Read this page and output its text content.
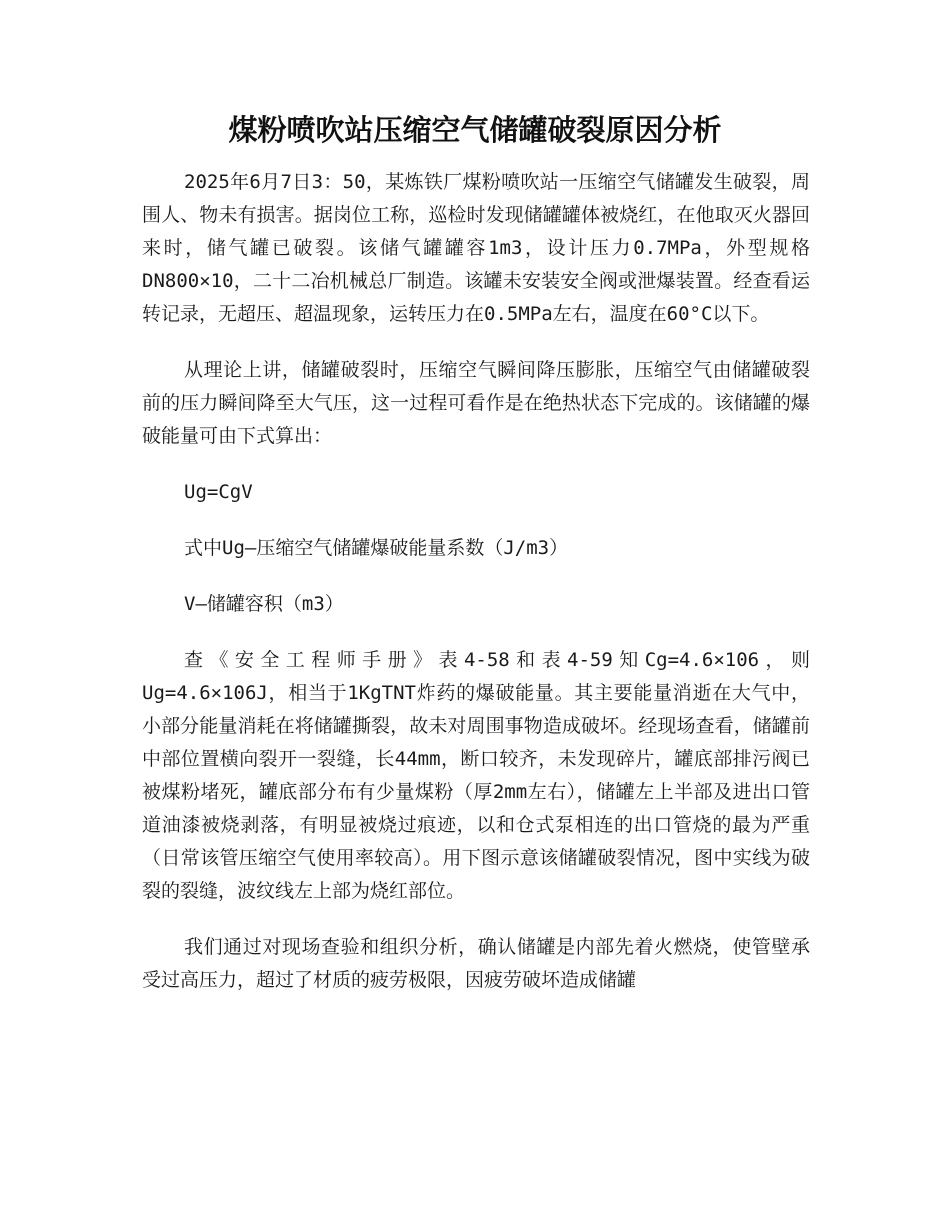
煤粉喷吹站压缩空气储罐破裂原因分析

2025年6月7日3：50，某炼铁厂煤粉喷吹站一压缩空气储罐发生破裂，周围人、物未有损害。据岗位工称，巡检时发现储罐罐体被烧红，在他取灭火器回来时，储气罐已破裂。该储气罐罐容1m3，设计压力0.7MPa，外型规格DN800×10，二十二冶机械总厂制造。该罐未安装安全阀或泄爆装置。经查看运转记录，无超压、超温现象，运转压力在0.5MPa左右，温度在60°C以下。

从理论上讲，储罐破裂时，压缩空气瞬间降压膨胀，压缩空气由储罐破裂前的压力瞬间降至大气压，这一过程可看作是在绝热状态下完成的。该储罐的爆破能量可由下式算出：

Ug=CgV

式中Ug—压缩空气储罐爆破能量系数（J/m3）

V—储罐容积（m3）

查《安全工程师手册》表4-58和表4-59知Cg=4.6×106，则Ug=4.6×106J，相当于1KgTNT炸药的爆破能量。其主要能量消逝在大气中，小部分能量消耗在将储罐撕裂，故未对周围事物造成破坏。经现场查看，储罐前中部位置横向裂开一裂缝，长44mm，断口较齐，未发现碎片，罐底部排污阀已被煤粉堵死，罐底部分布有少量煤粉（厚2mm左右），储罐左上半部及进出口管道油漆被烧剥落，有明显被烧过痕迹，以和仓式泵相连的出口管烧的最为严重（日常该管压缩空气使用率较高）。用下图示意该储罐破裂情况，图中实线为破裂的裂缝，波纹线左上部为烧红部位。

我们通过对现场查验和组织分析，确认储罐是内部先着火燃烧，使管壁承受过高压力，超过了材质的疲劳极限，因疲劳破坏造成储罐
